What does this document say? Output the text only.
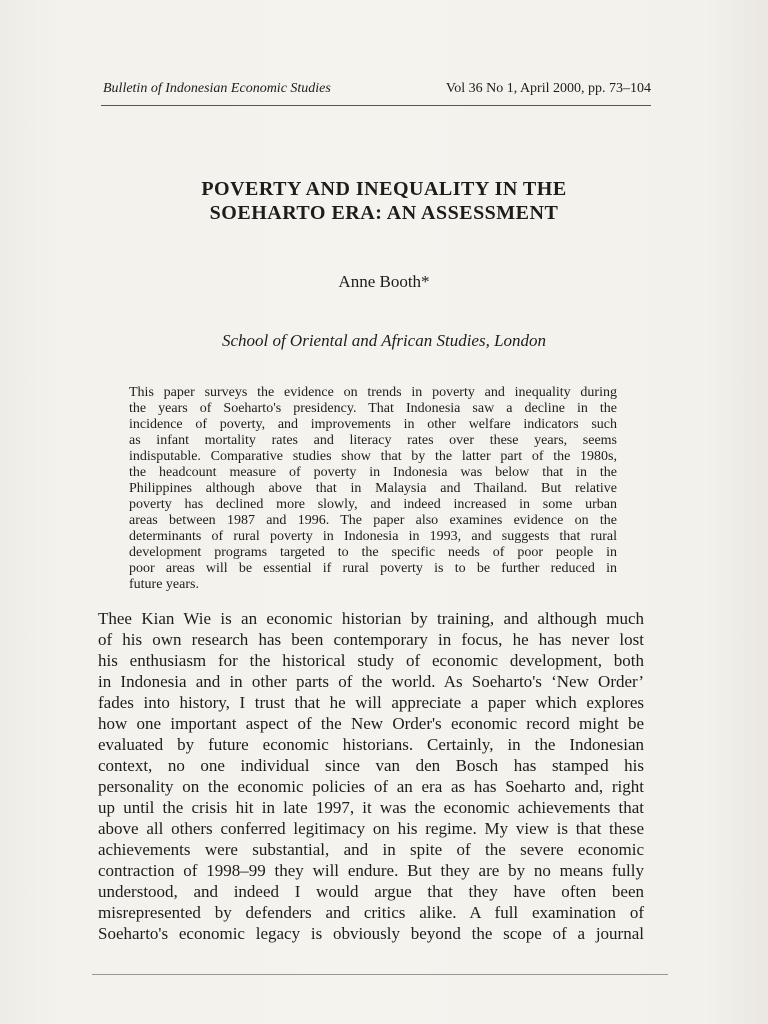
Bulletin of Indonesian Economic Studies	Vol 36 No 1, April 2000, pp. 73–104
POVERTY AND INEQUALITY IN THE
SOEHARTO ERA: AN ASSESSMENT
Anne Booth*
School of Oriental and African Studies, London
This paper surveys the evidence on trends in poverty and inequality during
the years of Soeharto's presidency. That Indonesia saw a decline in the
incidence of poverty, and improvements in other welfare indicators such
as infant mortality rates and literacy rates over these years, seems
indisputable. Comparative studies show that by the latter part of the 1980s,
the headcount measure of poverty in Indonesia was below that in the
Philippines although above that in Malaysia and Thailand. But relative
poverty has declined more slowly, and indeed increased in some urban
areas between 1987 and 1996. The paper also examines evidence on the
determinants of rural poverty in Indonesia in 1993, and suggests that rural
development programs targeted to the specific needs of poor people in
poor areas will be essential if rural poverty is to be further reduced in
future years.
Thee Kian Wie is an economic historian by training, and although much
of his own research has been contemporary in focus, he has never lost
his enthusiasm for the historical study of economic development, both
in Indonesia and in other parts of the world. As Soeharto's ‘New Order’
fades into history, I trust that he will appreciate a paper which explores
how one important aspect of the New Order's economic record might be
evaluated by future economic historians. Certainly, in the Indonesian
context, no one individual since van den Bosch has stamped his
personality on the economic policies of an era as has Soeharto and, right
up until the crisis hit in late 1997, it was the economic achievements that
above all others conferred legitimacy on his regime. My view is that these
achievements were substantial, and in spite of the severe economic
contraction of 1998–99 they will endure. But they are by no means fully
understood, and indeed I would argue that they have often been
misrepresented by defenders and critics alike. A full examination of
Soeharto's economic legacy is obviously beyond the scope of a journal
